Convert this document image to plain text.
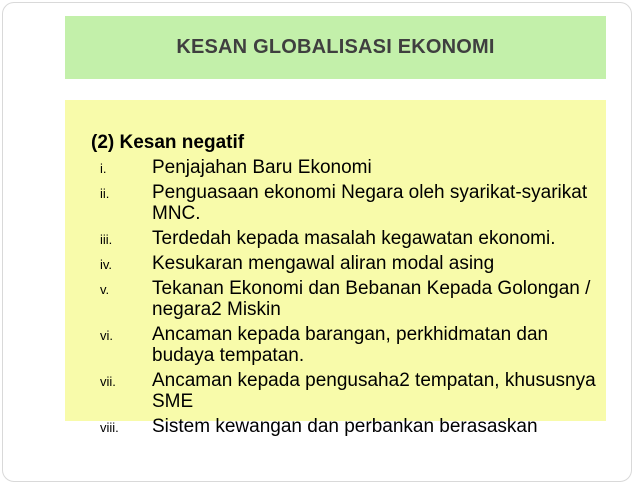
KESAN GLOBALISASI EKONOMI
(2) Kesan negatif
i. Penjajahan Baru Ekonomi
ii. Penguasaan ekonomi Negara oleh syarikat-syarikat MNC.
iii. Terdedah kepada masalah kegawatan ekonomi.
iv. Kesukaran mengawal aliran modal asing
v. Tekanan Ekonomi dan Bebanan Kepada Golongan / negara2 Miskin
vi. Ancaman kepada barangan, perkhidmatan dan budaya tempatan.
vii. Ancaman kepada pengusaha2 tempatan, khususnya SME
viii. Sistem kewangan dan perbankan berasaskan
